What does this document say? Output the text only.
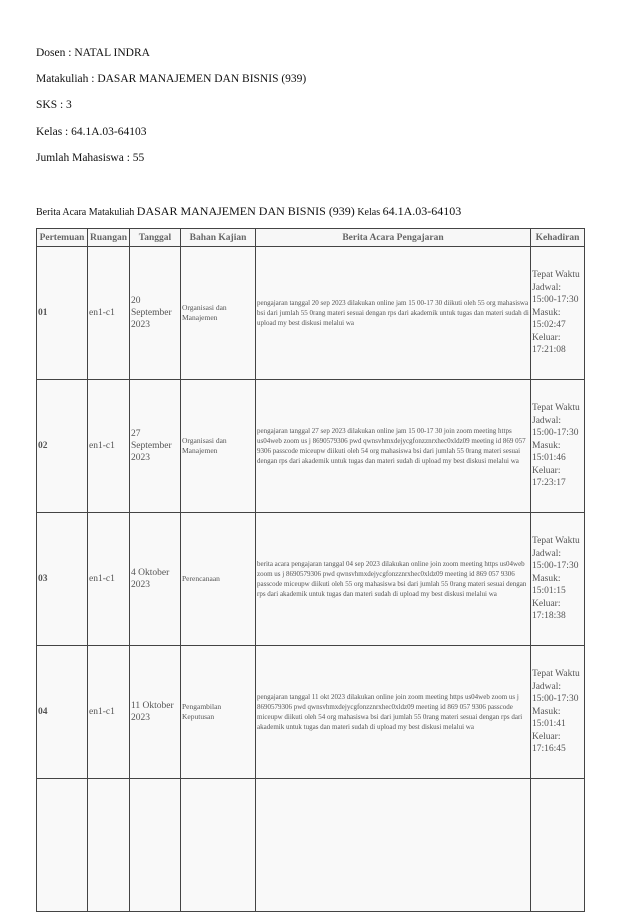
Dosen : NATAL INDRA
Matakuliah : DASAR MANAJEMEN DAN BISNIS (939)
SKS : 3
Kelas : 64.1A.03-64103
Jumlah Mahasiswa : 55
Berita Acara Matakuliah DASAR MANAJEMEN DAN BISNIS (939) Kelas 64.1A.03-64103
Pertemuan	Ruangan	Tanggal	Bahan Kajian	Berita Acara Pengajaran	Kehadiran
01	en1-c1	20 September 2023	Organisasi dan Manajemen	pengajaran tanggal 20 sep 2023 dilakukan online jam 15 00-17 30 diikuti oleh 55 org mahasiswa bsi dari jumlah 55 0rang materi sesuai dengan rps dari akademik untuk tugas dan materi sudah di upload my best diskusi melalui wa	Tepat Waktu Jadwal: 15:00-17:30 Masuk: 15:02:47 Keluar: 17:21:08
02	en1-c1	27 September 2023	Organisasi dan Manajemen	pengajaran tanggal 27 sep 2023 dilakukan online jam 15 00-17 30 join zoom meeting https us04web zoom us j 8690579306 pwd qwnsvhmxdejycgfonzznrxhec0xldz09 meeting id 869 057 9306 passcode miceupw diikuti oleh 54 org mahasiswa bsi dari jumlah 55 0rang materi sesuai dengan rps dari akademik untuk tugas dan materi sudah di upload my best diskusi melalui wa	Tepat Waktu Jadwal: 15:00-17:30 Masuk: 15:01:46 Keluar: 17:23:17
03	en1-c1	4 Oktober 2023	Perencanaan	berita acara pengajaran tanggal 04 sep 2023 dilakukan online join zoom meeting https us04web zoom us j 8690579306 pwd qwnsvhmxdejycgfonzznrxhec0xldz09 meeting id 869 057 9306 passcode miceupw diikuti oleh 55 org mahasiswa bsi dari jumlah 55 0rang materi sesuai dengan rps dari akademik untuk tugas dan materi sudah di upload my best diskusi melalui wa	Tepat Waktu Jadwal: 15:00-17:30 Masuk: 15:01:15 Keluar: 17:18:38
04	en1-c1	11 Oktober 2023	Pengambilan Keputusan	pengajaran tanggal 11 okt 2023 dilakukan online join zoom meeting https us04web zoom us j 8690579306 pwd qwnsvhmxdejycgfonzznrxhec0xldz09 meeting id 869 057 9306 passcode miceupw diikuti oleh 54 org mahasiswa bsi dari jumlah 55 0rang materi sesuai dengan rps dari akademik untuk tugas dan materi sudah di upload my best diskusi melalui wa	Tepat Waktu Jadwal: 15:00-17:30 Masuk: 15:01:41 Keluar: 17:16:45
